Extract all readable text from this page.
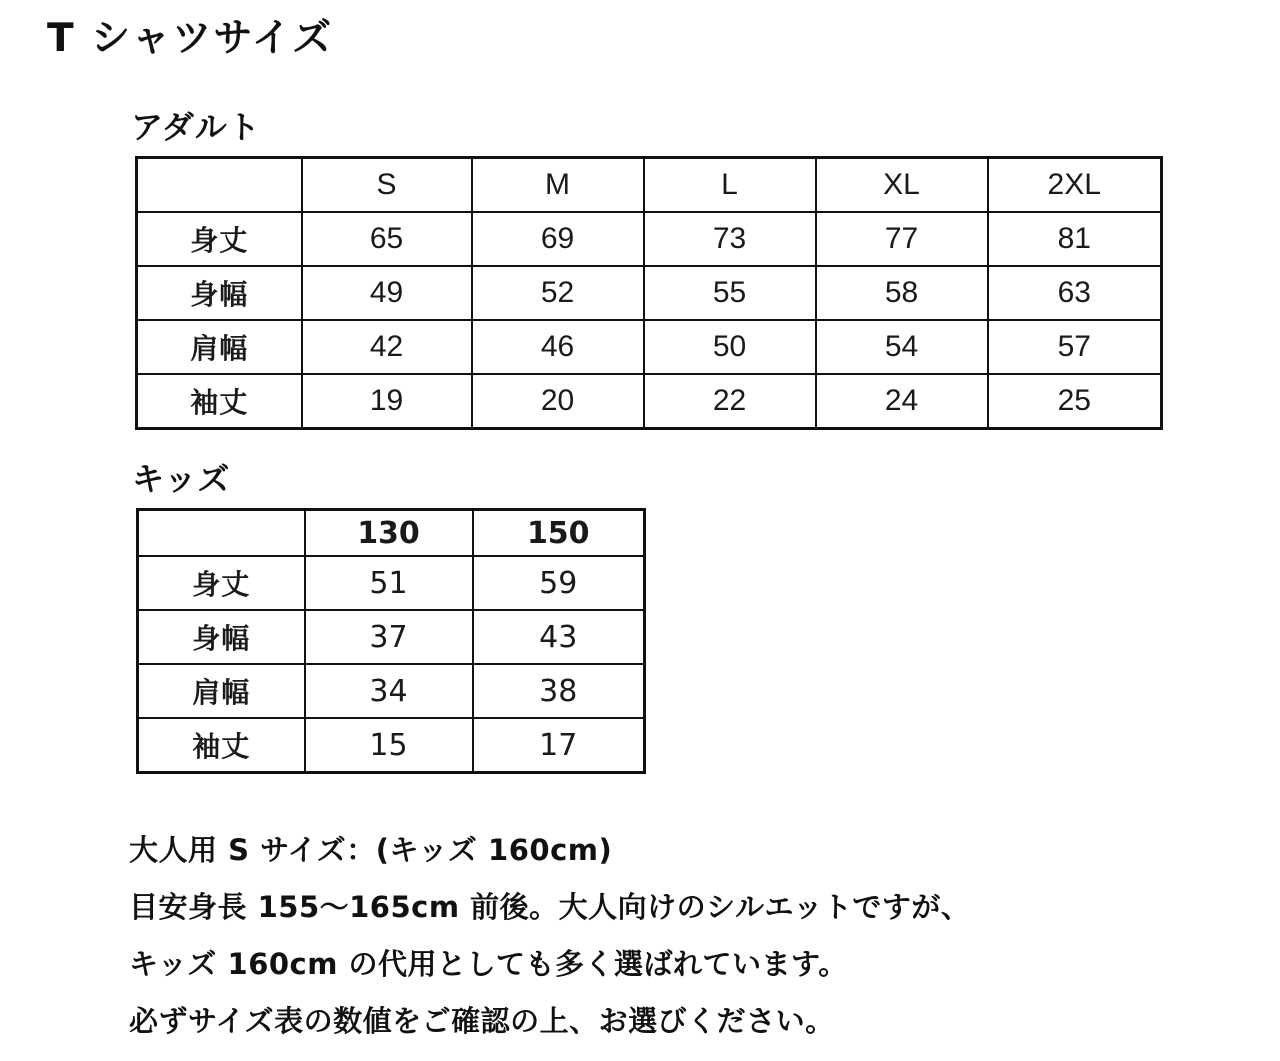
T シャツサイズ
アダルト
	S	M	L	XL	2XL
身丈	65	69	73	77	81
身幅	49	52	55	58	63
肩幅	42	46	50	54	57
袖丈	19	20	22	24	25
キッズ
	130	150
身丈	51	59
身幅	37	43
肩幅	34	38
袖丈	15	17
大人用 S サイズ：(キッズ 160cm)
目安身長 155〜165cm 前後。大人向けのシルエットですが、
キッズ 160cm の代用としても多く選ばれています。
必ずサイズ表の数値をご確認の上、お選びください。
